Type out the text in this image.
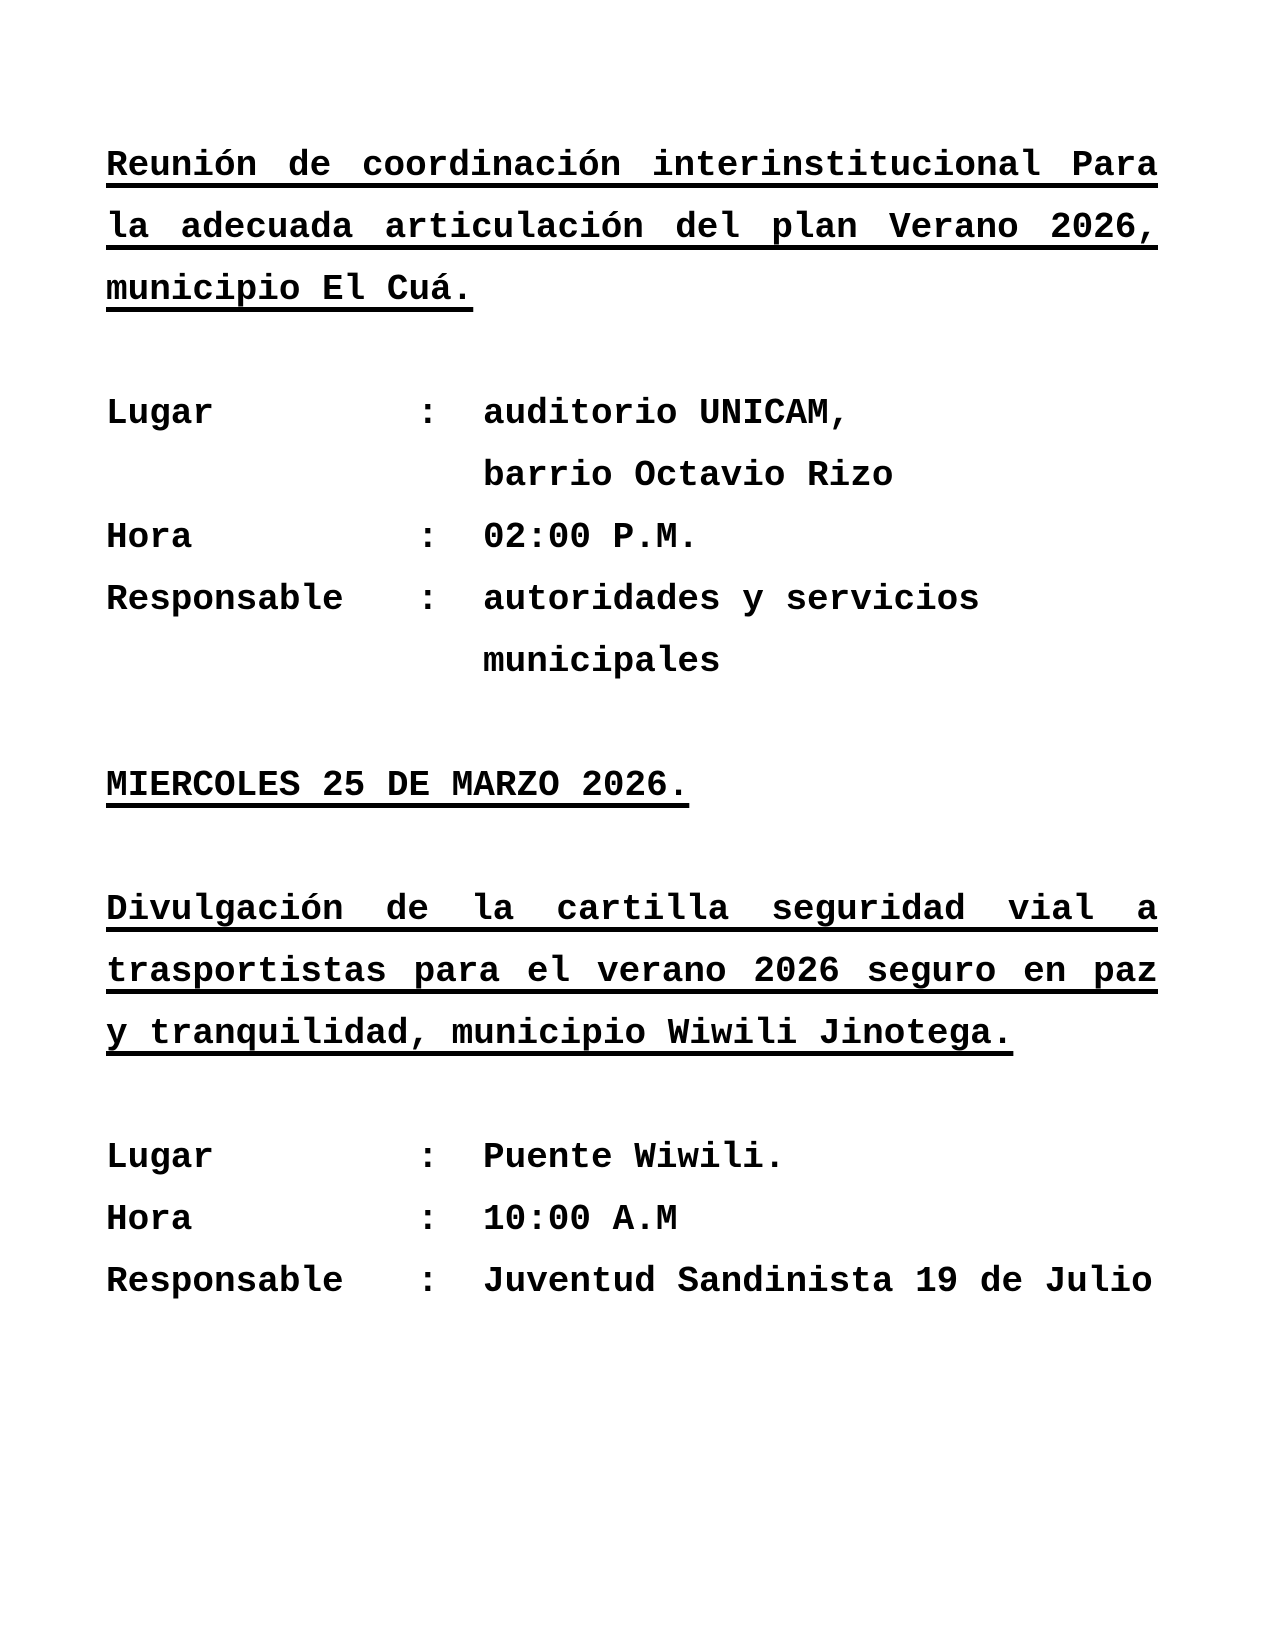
Reunión de coordinación interinstitucional Para la adecuada articulación del plan Verano 2026, municipio El Cuá.
Lugar	:	auditorio UNICAM,
barrio Octavio Rizo
Hora	:	02:00 P.M.
Responsable	:	autoridades y servicios
municipales
MIERCOLES 25 DE MARZO 2026.
Divulgación de la cartilla seguridad vial a trasportistas para el verano 2026 seguro en paz y tranquilidad, municipio Wiwili Jinotega.
Lugar	:	Puente Wiwili.
Hora	:	10:00 A.M
Responsable	:	Juventud Sandinista 19 de Julio
